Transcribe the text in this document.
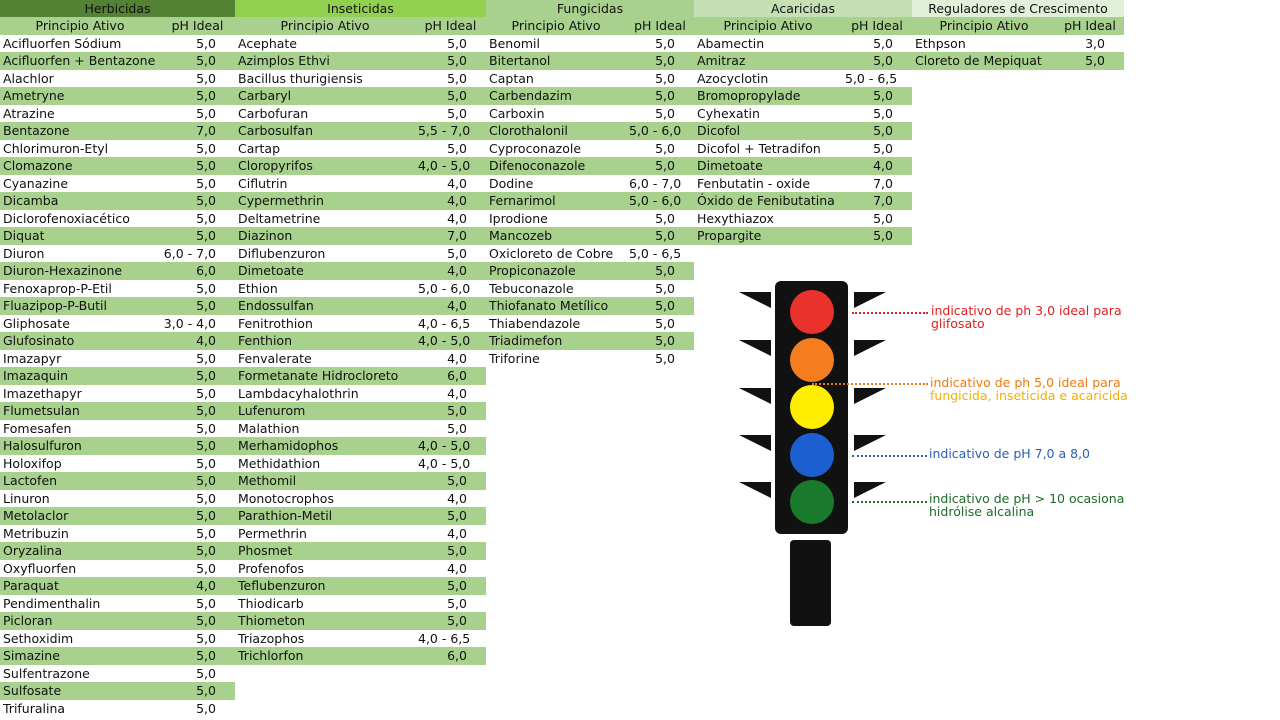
Herbicidas
Principio Ativo	pH Ideal
Acifluorfen Sódium	5,0
Acifluorfen + Bentazone	5,0
Alachlor	5,0
Ametryne	5,0
Atrazine	5,0
Bentazone	7,0
Chlorimuron-Etyl	5,0
Clomazone	5,0
Cyanazine	5,0
Dicamba	5,0
Diclorofenoxiacético	5,0
Diquat	5,0
Diuron	6,0 - 7,0
Diuron-Hexazinone	6,0
Fenoxaprop-P-Etil	5,0
Fluazipop-P-Butil	5,0
Gliphosate	3,0 - 4,0
Glufosinato	4,0
Imazapyr	5,0
Imazaquin	5,0
Imazethapyr	5,0
Flumetsulan	5,0
Fomesafen	5,0
Halosulfuron	5,0
Holoxifop	5,0
Lactofen	5,0
Linuron	5,0
Metolaclor	5,0
Metribuzin	5,0
Oryzalina	5,0
Oxyfluorfen	5,0
Paraquat	4,0
Pendimenthalin	5,0
Picloran	5,0
Sethoxidim	5,0
Simazine	5,0
Sulfentrazone	5,0
Sulfosate	5,0
Trifuralina	5,0
Inseticidas
Principio Ativo	pH Ideal
Acephate	5,0
Azimplos Ethvi	5,0
Bacillus thurigiensis	5,0
Carbaryl	5,0
Carbofuran	5,0
Carbosulfan	5,5 - 7,0
Cartap	5,0
Cloropyrifos	4,0 - 5,0
Ciflutrin	4,0
Cypermethrin	4,0
Deltametrine	4,0
Diazinon	7,0
Diflubenzuron	5,0
Dimetoate	4,0
Ethion	5,0 - 6,0
Endossulfan	4,0
Fenitrothion	4,0 - 6,5
Fenthion	4,0 - 5,0
Fenvalerate	4,0
Formetanate Hidrocloreto	6,0
Lambdacyhalothrin	4,0
Lufenurom	5,0
Malathion	5,0
Merhamidophos	4,0 - 5,0
Methidathion	4,0 - 5,0
Methomil	5,0
Monotocrophos	4,0
Parathion-Metil	5,0
Permethrin	4,0
Phosmet	5,0
Profenofos	4,0
Teflubenzuron	5,0
Thiodicarb	5,0
Thiometon	5,0
Triazophos	4,0 - 6,5
Trichlorfon	6,0
Fungicidas
Principio Ativo	pH Ideal
Benomil	5,0
Bitertanol	5,0
Captan	5,0
Carbendazim	5,0
Carboxin	5,0
Clorothalonil	5,0 - 6,0
Cyproconazole	5,0
Difenoconazole	5,0
Dodine	6,0 - 7,0
Fernarimol	5,0 - 6,0
Iprodione	5,0
Mancozeb	5,0
Oxicloreto de Cobre	5,0 - 6,5
Propiconazole	5,0
Tebuconazole	5,0
Thiofanato Metílico	5,0
Thiabendazole	5,0
Triadimefon	5,0
Triforine	5,0
Acaricidas
Principio Ativo	pH Ideal
Abamectin	5,0
Amitraz	5,0
Azocyclotin	5,0 - 6,5
Bromopropylade	5,0
Cyhexatin	5,0
Dicofol	5,0
Dicofol + Tetradifon	5,0
Dimetoate	4,0
Fenbutatin - oxide	7,0
Óxido de Fenibutatina	7,0
Hexythiazox	5,0
Propargite	5,0
Reguladores de Crescimento
Principio Ativo	pH Ideal
Ethpson	3,0
Cloreto de Mepiquat	5,0
indicativo de ph 3,0 ideal para
glifosato
indicativo de ph 5,0 ideal para
fungicida, inseticida e acaricida
indicativo de pH 7,0 a 8,0
indicativo de pH > 10 ocasiona
hidrólise alcalina
